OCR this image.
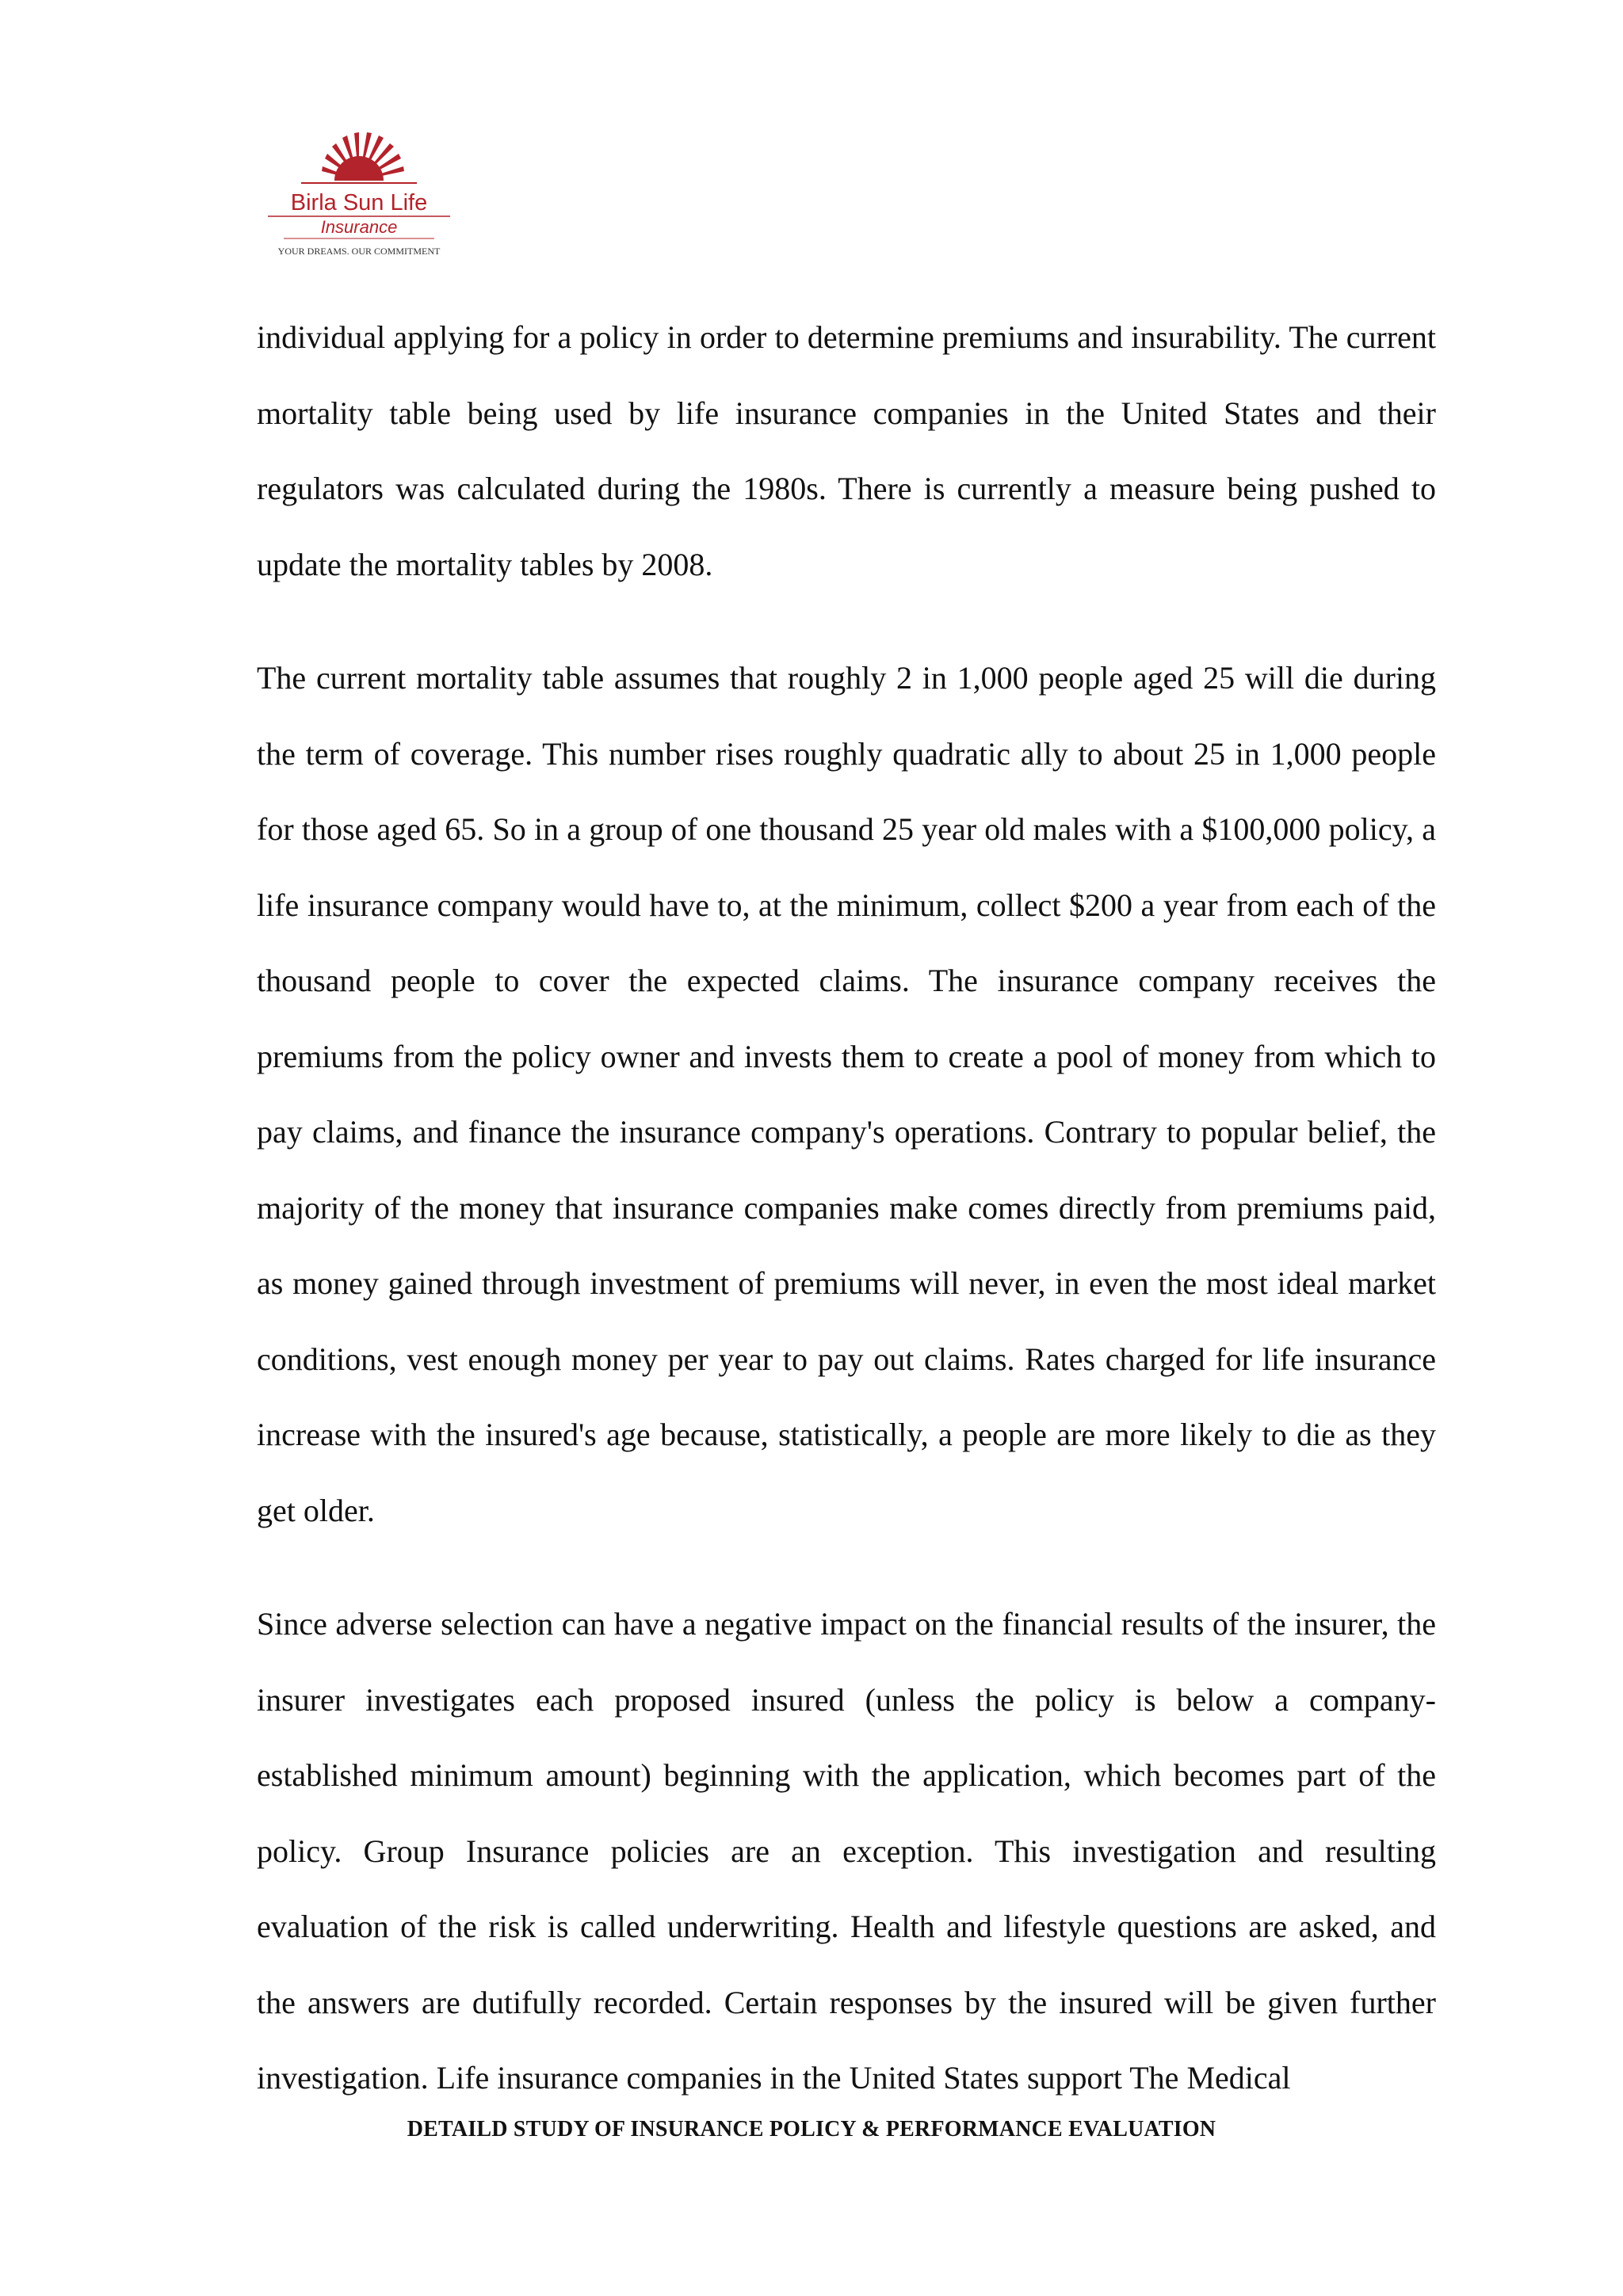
Birla Sun Life
Insurance
YOUR DREAMS. OUR COMMITMENT

individual applying for a policy in order to determine premiums and insurability. The current mortality table being used by life insurance companies in the United States and their regulators was calculated during the 1980s. There is currently a measure being pushed to update the mortality tables by 2008.

The current mortality table assumes that roughly 2 in 1,000 people aged 25 will die during the term of coverage. This number rises roughly quadratic ally to about 25 in 1,000 people for those aged 65. So in a group of one thousand 25 year old males with a $100,000 policy, a life insurance company would have to, at the minimum, collect $200 a year from each of the thousand people to cover the expected claims. The insurance company receives the premiums from the policy owner and invests them to create a pool of money from which to pay claims, and finance the insurance company's operations. Contrary to popular belief, the majority of the money that insurance companies make comes directly from premiums paid, as money gained through investment of premiums will never, in even the most ideal market conditions, vest enough money per year to pay out claims. Rates charged for life insurance increase with the insured's age because, statistically, a people are more likely to die as they get older.

Since adverse selection can have a negative impact on the financial results of the insurer, the insurer investigates each proposed insured (unless the policy is below a company-established minimum amount) beginning with the application, which becomes part of the policy. Group Insurance policies are an exception. This investigation and resulting evaluation of the risk is called underwriting. Health and lifestyle questions are asked, and the answers are dutifully recorded. Certain responses by the insured will be given further investigation. Life insurance companies in the United States support The Medical

DETAILD STUDY OF INSURANCE POLICY & PERFORMANCE EVALUATION
